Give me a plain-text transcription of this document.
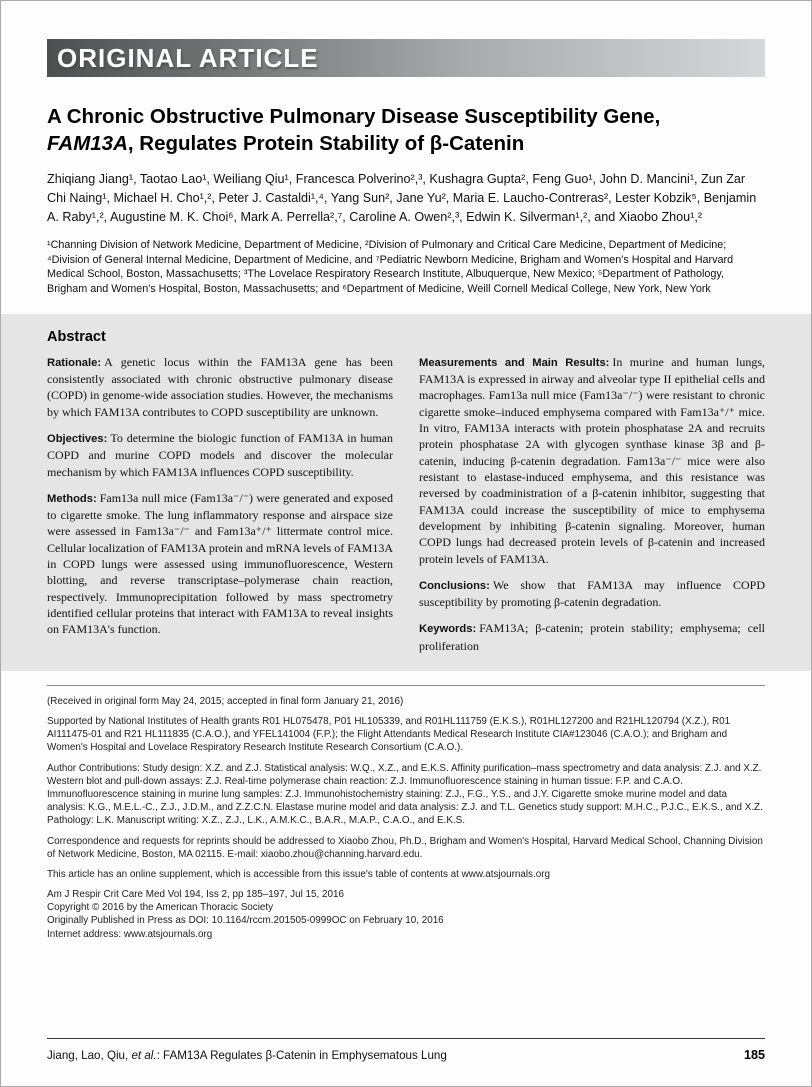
ORIGINAL ARTICLE
A Chronic Obstructive Pulmonary Disease Susceptibility Gene,
FAM13A, Regulates Protein Stability of β-Catenin

Zhiqiang Jiang¹, Taotao Lao¹, Weiliang Qiu¹, Francesca Polverino²,³, Kushagra Gupta², Feng Guo¹, John D. Mancini¹, Zun Zar Chi Naing¹, Michael H. Cho¹,², Peter J. Castaldi¹,⁴, Yang Sun², Jane Yu², Maria E. Laucho-Contreras², Lester Kobzik⁵, Benjamin A. Raby¹,², Augustine M. K. Choi⁶, Mark A. Perrella²,⁷, Caroline A. Owen²,³, Edwin K. Silverman¹,², and Xiaobo Zhou¹,²

¹Channing Division of Network Medicine, Department of Medicine, ²Division of Pulmonary and Critical Care Medicine, Department of Medicine; ⁴Division of General Internal Medicine, Department of Medicine, and ⁷Pediatric Newborn Medicine, Brigham and Women's Hospital and Harvard Medical School, Boston, Massachusetts; ³The Lovelace Respiratory Research Institute, Albuquerque, New Mexico; ⁵Department of Pathology, Brigham and Women's Hospital, Boston, Massachusetts; and ⁶Department of Medicine, Weill Cornell Medical College, New York, New York

Abstract

Rationale: A genetic locus within the FAM13A gene has been consistently associated with chronic obstructive pulmonary disease (COPD) in genome-wide association studies. However, the mechanisms by which FAM13A contributes to COPD susceptibility are unknown.

Objectives: To determine the biologic function of FAM13A in human COPD and murine COPD models and discover the molecular mechanism by which FAM13A influences COPD susceptibility.

Methods: Fam13a null mice (Fam13a⁻/⁻) were generated and exposed to cigarette smoke. The lung inflammatory response and airspace size were assessed in Fam13a⁻/⁻ and Fam13a⁺/⁺ littermate control mice. Cellular localization of FAM13A protein and mRNA levels of FAM13A in COPD lungs were assessed using immunofluorescence, Western blotting, and reverse transcriptase–polymerase chain reaction, respectively. Immunoprecipitation followed by mass spectrometry identified cellular proteins that interact with FAM13A to reveal insights on FAM13A's function.

Measurements and Main Results: In murine and human lungs, FAM13A is expressed in airway and alveolar type II epithelial cells and macrophages. Fam13a null mice (Fam13a⁻/⁻) were resistant to chronic cigarette smoke–induced emphysema compared with Fam13a⁺/⁺ mice. In vitro, FAM13A interacts with protein phosphatase 2A and recruits protein phosphatase 2A with glycogen synthase kinase 3β and β-catenin, inducing β-catenin degradation. Fam13a⁻/⁻ mice were also resistant to elastase-induced emphysema, and this resistance was reversed by coadministration of a β-catenin inhibitor, suggesting that FAM13A could increase the susceptibility of mice to emphysema development by inhibiting β-catenin signaling. Moreover, human COPD lungs had decreased protein levels of β-catenin and increased protein levels of FAM13A.

Conclusions: We show that FAM13A may influence COPD susceptibility by promoting β-catenin degradation.

Keywords: FAM13A; β-catenin; protein stability; emphysema; cell proliferation

(Received in original form May 24, 2015; accepted in final form January 21, 2016)

Supported by National Institutes of Health grants R01 HL075478, P01 HL105339, and R01HL111759 (E.K.S.), R01HL127200 and R21HL120794 (X.Z.), R01 AI111475-01 and R21 HL111835 (C.A.O.), and YFEL141004 (F.P.); the Flight Attendants Medical Research Institute CIA#123046 (C.A.O.); and Brigham and Women's Hospital and Lovelace Respiratory Research Institute Research Consortium (C.A.O.).

Author Contributions: Study design: X.Z. and Z.J. Statistical analysis: W.Q., X.Z., and E.K.S. Affinity purification–mass spectrometry and data analysis: Z.J. and X.Z. Western blot and pull-down assays: Z.J. Real-time polymerase chain reaction: Z.J. Immunofluorescence staining in human tissue: F.P. and C.A.O. Immunofluorescence staining in murine lung samples: Z.J. Immunohistochemistry staining: Z.J., F.G., Y.S., and J.Y. Cigarette smoke murine model and data analysis: K.G., M.E.L.-C., Z.J., J.D.M., and Z.Z.C.N. Elastase murine model and data analysis: Z.J. and T.L. Genetics study support: M.H.C., P.J.C., E.K.S., and X.Z. Pathology: L.K. Manuscript writing: X.Z., Z.J., L.K., A.M.K.C., B.A.R., M.A.P., C.A.O., and E.K.S.

Correspondence and requests for reprints should be addressed to Xiaobo Zhou, Ph.D., Brigham and Women's Hospital, Harvard Medical School, Channing Division of Network Medicine, Boston, MA 02115. E-mail: xiaobo.zhou@channing.harvard.edu.

This article has an online supplement, which is accessible from this issue's table of contents at www.atsjournals.org

Am J Respir Crit Care Med Vol 194, Iss 2, pp 185–197, Jul 15, 2016

Copyright © 2016 by the American Thoracic Society

Originally Published in Press as DOI: 10.1164/rccm.201505-0999OC on February 10, 2016

Internet address: www.atsjournals.org

Jiang, Lao, Qiu, et al.: FAM13A Regulates β-Catenin in Emphysematous Lung	185
